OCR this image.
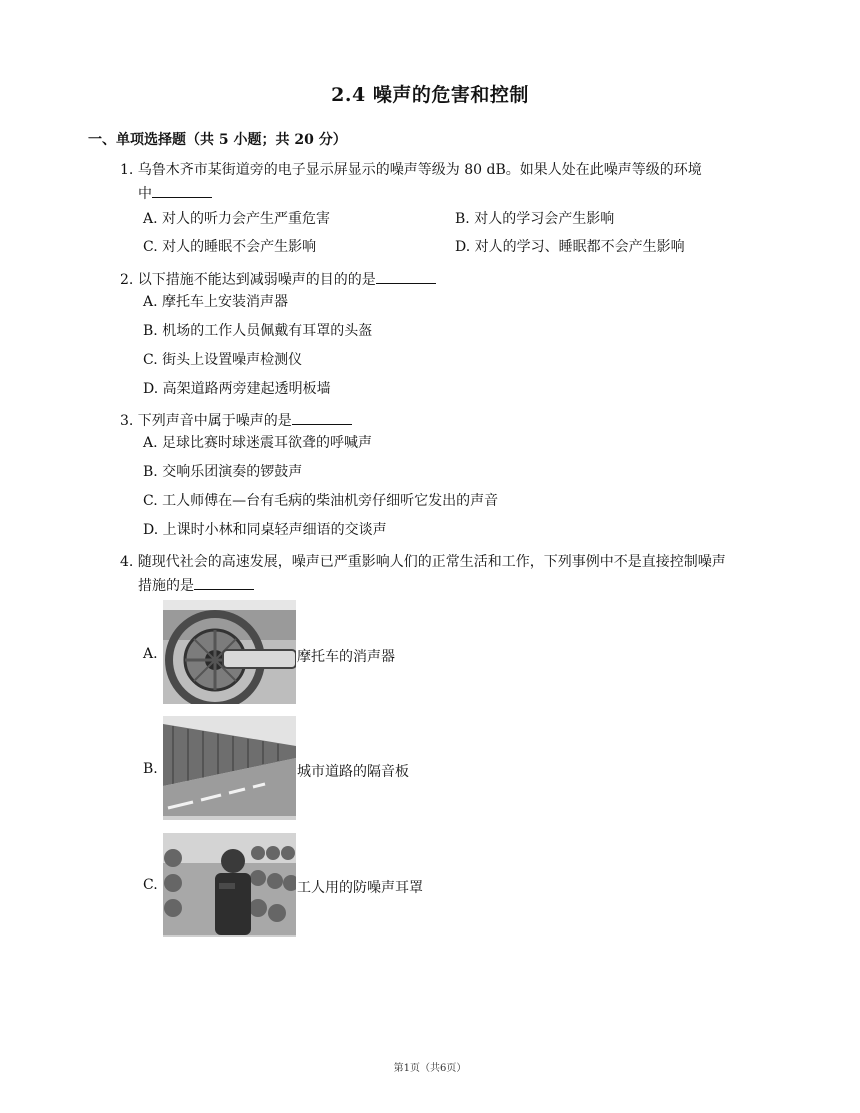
2.4 噪声的危害和控制
一、单项选择题（共 5 小题；共 20 分）
1. 乌鲁木齐市某街道旁的电子显示屏显示的噪声等级为 80 dB。如果人处在此噪声等级的环境
中
A. 对人的听力会产生严重危害	B. 对人的学习会产生影响
C. 对人的睡眠不会产生影响	D. 对人的学习、睡眠都不会产生影响
2. 以下措施不能达到减弱噪声的目的的是
A. 摩托车上安装消声器
B. 机场的工作人员佩戴有耳罩的头盔
C. 街头上设置噪声检测仪
D. 高架道路两旁建起透明板墙
3. 下列声音中属于噪声的是
A. 足球比赛时球迷震耳欲聋的呼喊声
B. 交响乐团演奏的锣鼓声
C. 工人师傅在—台有毛病的柴油机旁仔细听它发出的声音
D. 上课时小林和同桌轻声细语的交谈声
4. 随现代社会的高速发展，噪声已严重影响人们的正常生活和工作，下列事例中不是直接控制噪声
措施的是
A.	摩托车的消声器
B.	城市道路的隔音板
C.	工人用的防噪声耳罩
第1页（共6页）
